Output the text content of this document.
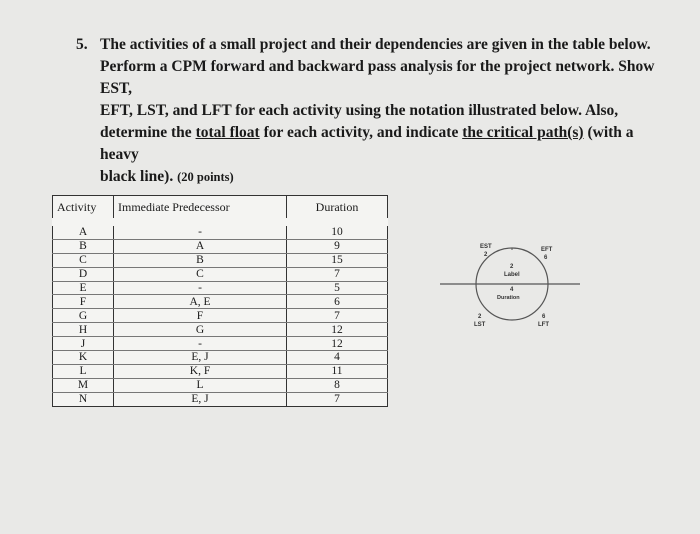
5. The activities of a small project and their dependencies are given in the table below.
Perform a CPM forward and backward pass analysis for the project network. Show EST,
EFT, LST, and LFT for each activity using the notation illustrated below. Also,
determine the total float for each activity, and indicate the critical path(s) (with a heavy
black line). (20 points)
Activity	Immediate Predecessor	Duration
A	-	10
B	A	9
C	B	15
D	C	7
E	-	5
F	A, E	6
G	F	7
H	G	12
J	-	12
K	E, J	4
L	K, F	11
M	L	8
N	E, J	7
EST
2
EFT
6
2
Label
4
Duration
2
LST
6
LFT
